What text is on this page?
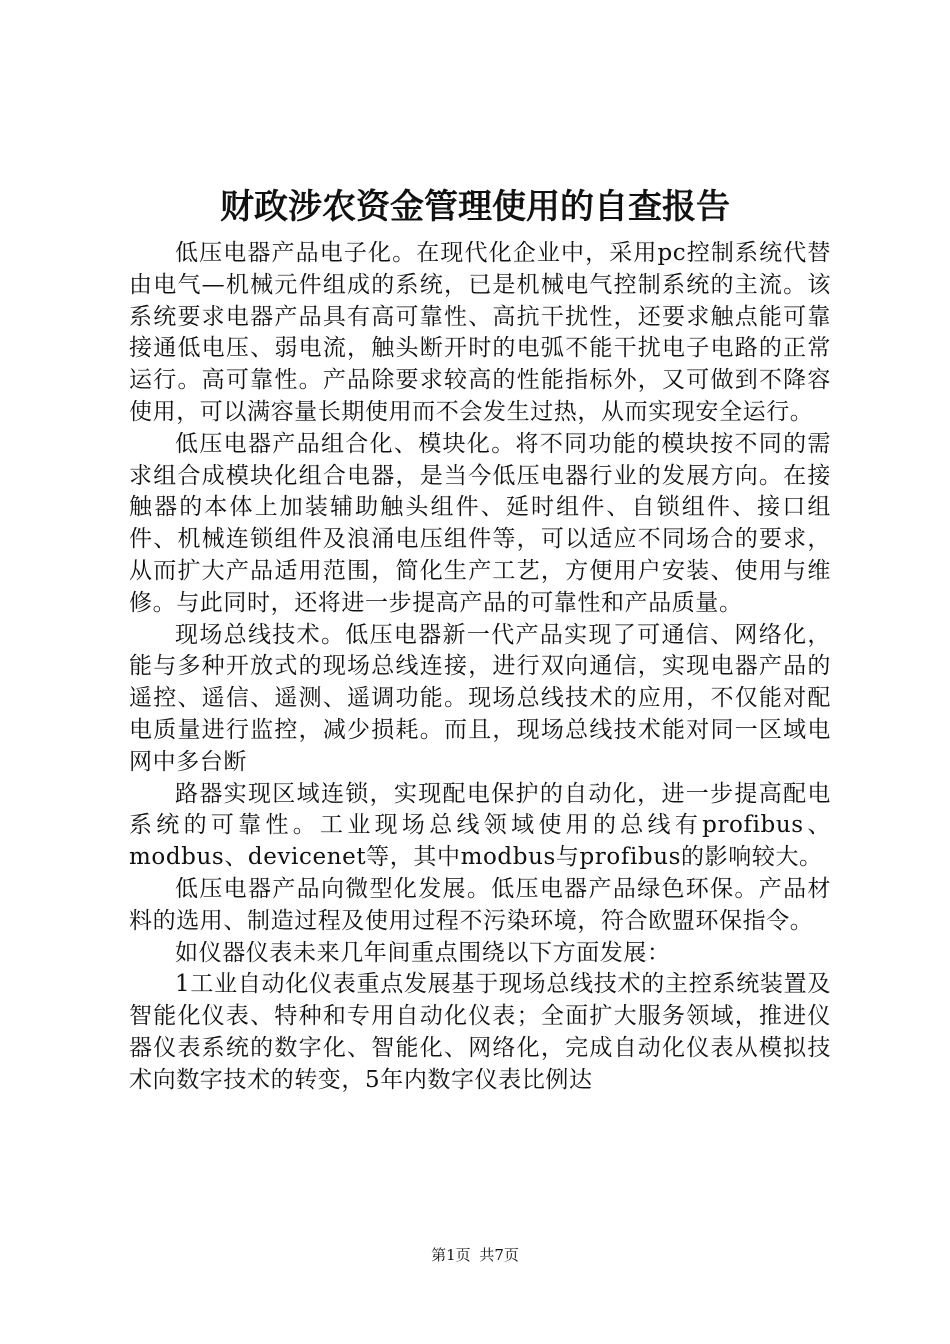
财政涉农资金管理使用的自查报告

低压电器产品电子化。在现代化企业中，采用pc控制系统代替由电气—机械元件组成的系统，已是机械电气控制系统的主流。该系统要求电器产品具有高可靠性、高抗干扰性，还要求触点能可靠接通低电压、弱电流，触头断开时的电弧不能干扰电子电路的正常运行。高可靠性。产品除要求较高的性能指标外，又可做到不降容使用，可以满容量长期使用而不会发生过热，从而实现安全运行。

低压电器产品组合化、模块化。将不同功能的模块按不同的需求组合成模块化组合电器，是当今低压电器行业的发展方向。在接触器的本体上加装辅助触头组件、延时组件、自锁组件、接口组件、机械连锁组件及浪涌电压组件等，可以适应不同场合的要求，从而扩大产品适用范围，简化生产工艺，方便用户安装、使用与维修。与此同时，还将进一步提高产品的可靠性和产品质量。

现场总线技术。低压电器新一代产品实现了可通信、网络化，能与多种开放式的现场总线连接，进行双向通信，实现电器产品的遥控、遥信、遥测、遥调功能。现场总线技术的应用，不仅能对配电质量进行监控，减少损耗。而且，现场总线技术能对同一区域电网中多台断

路器实现区域连锁，实现配电保护的自动化，进一步提高配电系统的可靠性。工业现场总线领域使用的总线有profibus、modbus、devicenet等，其中modbus与profibus的影响较大。

低压电器产品向微型化发展。低压电器产品绿色环保。产品材料的选用、制造过程及使用过程不污染环境，符合欧盟环保指令。

如仪器仪表未来几年间重点围绕以下方面发展：

1工业自动化仪表重点发展基于现场总线技术的主控系统装置及智能化仪表、特种和专用自动化仪表；全面扩大服务领域，推进仪器仪表系统的数字化、智能化、网络化，完成自动化仪表从模拟技术向数字技术的转变，5年内数字仪表比例达

第1页 共7页
